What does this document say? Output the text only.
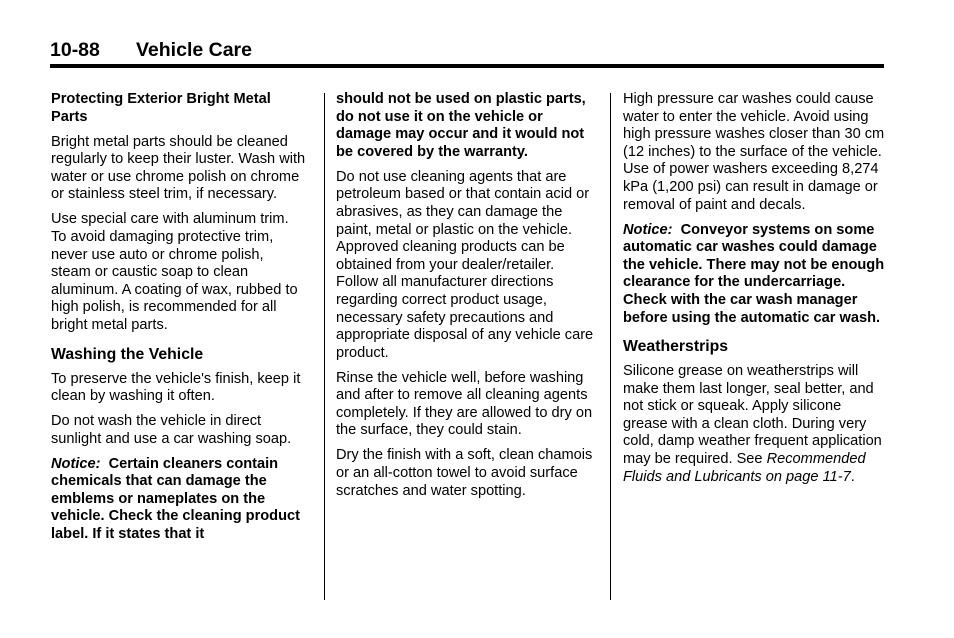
10-88 Vehicle Care
Protecting Exterior Bright Metal Parts

Bright metal parts should be cleaned regularly to keep their luster. Wash with water or use chrome polish on chrome or stainless steel trim, if necessary.

Use special care with aluminum trim. To avoid damaging protective trim, never use auto or chrome polish, steam or caustic soap to clean aluminum. A coating of wax, rubbed to high polish, is recommended for all bright metal parts.

Washing the Vehicle

To preserve the vehicle's finish, keep it clean by washing it often.

Do not wash the vehicle in direct sunlight and use a car washing soap.

Notice: Certain cleaners contain chemicals that can damage the emblems or nameplates on the vehicle. Check the cleaning product label. If it states that it

should not be used on plastic parts, do not use it on the vehicle or damage may occur and it would not be covered by the warranty.

Do not use cleaning agents that are petroleum based or that contain acid or abrasives, as they can damage the paint, metal or plastic on the vehicle. Approved cleaning products can be obtained from your dealer/retailer. Follow all manufacturer directions regarding correct product usage, necessary safety precautions and appropriate disposal of any vehicle care product.

Rinse the vehicle well, before washing and after to remove all cleaning agents completely. If they are allowed to dry on the surface, they could stain.

Dry the finish with a soft, clean chamois or an all-cotton towel to avoid surface scratches and water spotting.

High pressure car washes could cause water to enter the vehicle. Avoid using high pressure washes closer than 30 cm (12 inches) to the surface of the vehicle. Use of power washers exceeding 8,274 kPa (1,200 psi) can result in damage or removal of paint and decals.

Notice: Conveyor systems on some automatic car washes could damage the vehicle. There may not be enough clearance for the undercarriage. Check with the car wash manager before using the automatic car wash.

Weatherstrips

Silicone grease on weatherstrips will make them last longer, seal better, and not stick or squeak. Apply silicone grease with a clean cloth. During very cold, damp weather frequent application may be required. See Recommended Fluids and Lubricants on page 11-7.
